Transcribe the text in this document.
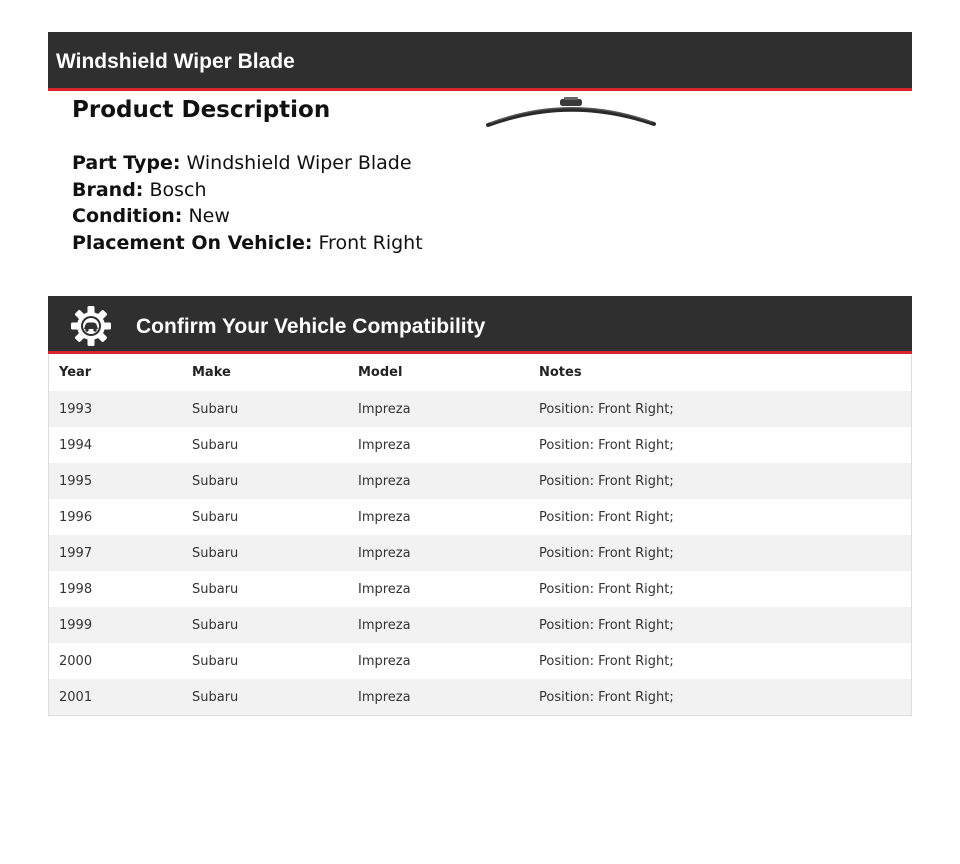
Windshield Wiper Blade
Product Description
Part Type: Windshield Wiper Blade
Brand: Bosch
Condition: New
Placement On Vehicle: Front Right
Confirm Your Vehicle Compatibility
Year	Make	Model	Notes
1993	Subaru	Impreza	Position: Front Right;
1994	Subaru	Impreza	Position: Front Right;
1995	Subaru	Impreza	Position: Front Right;
1996	Subaru	Impreza	Position: Front Right;
1997	Subaru	Impreza	Position: Front Right;
1998	Subaru	Impreza	Position: Front Right;
1999	Subaru	Impreza	Position: Front Right;
2000	Subaru	Impreza	Position: Front Right;
2001	Subaru	Impreza	Position: Front Right;
